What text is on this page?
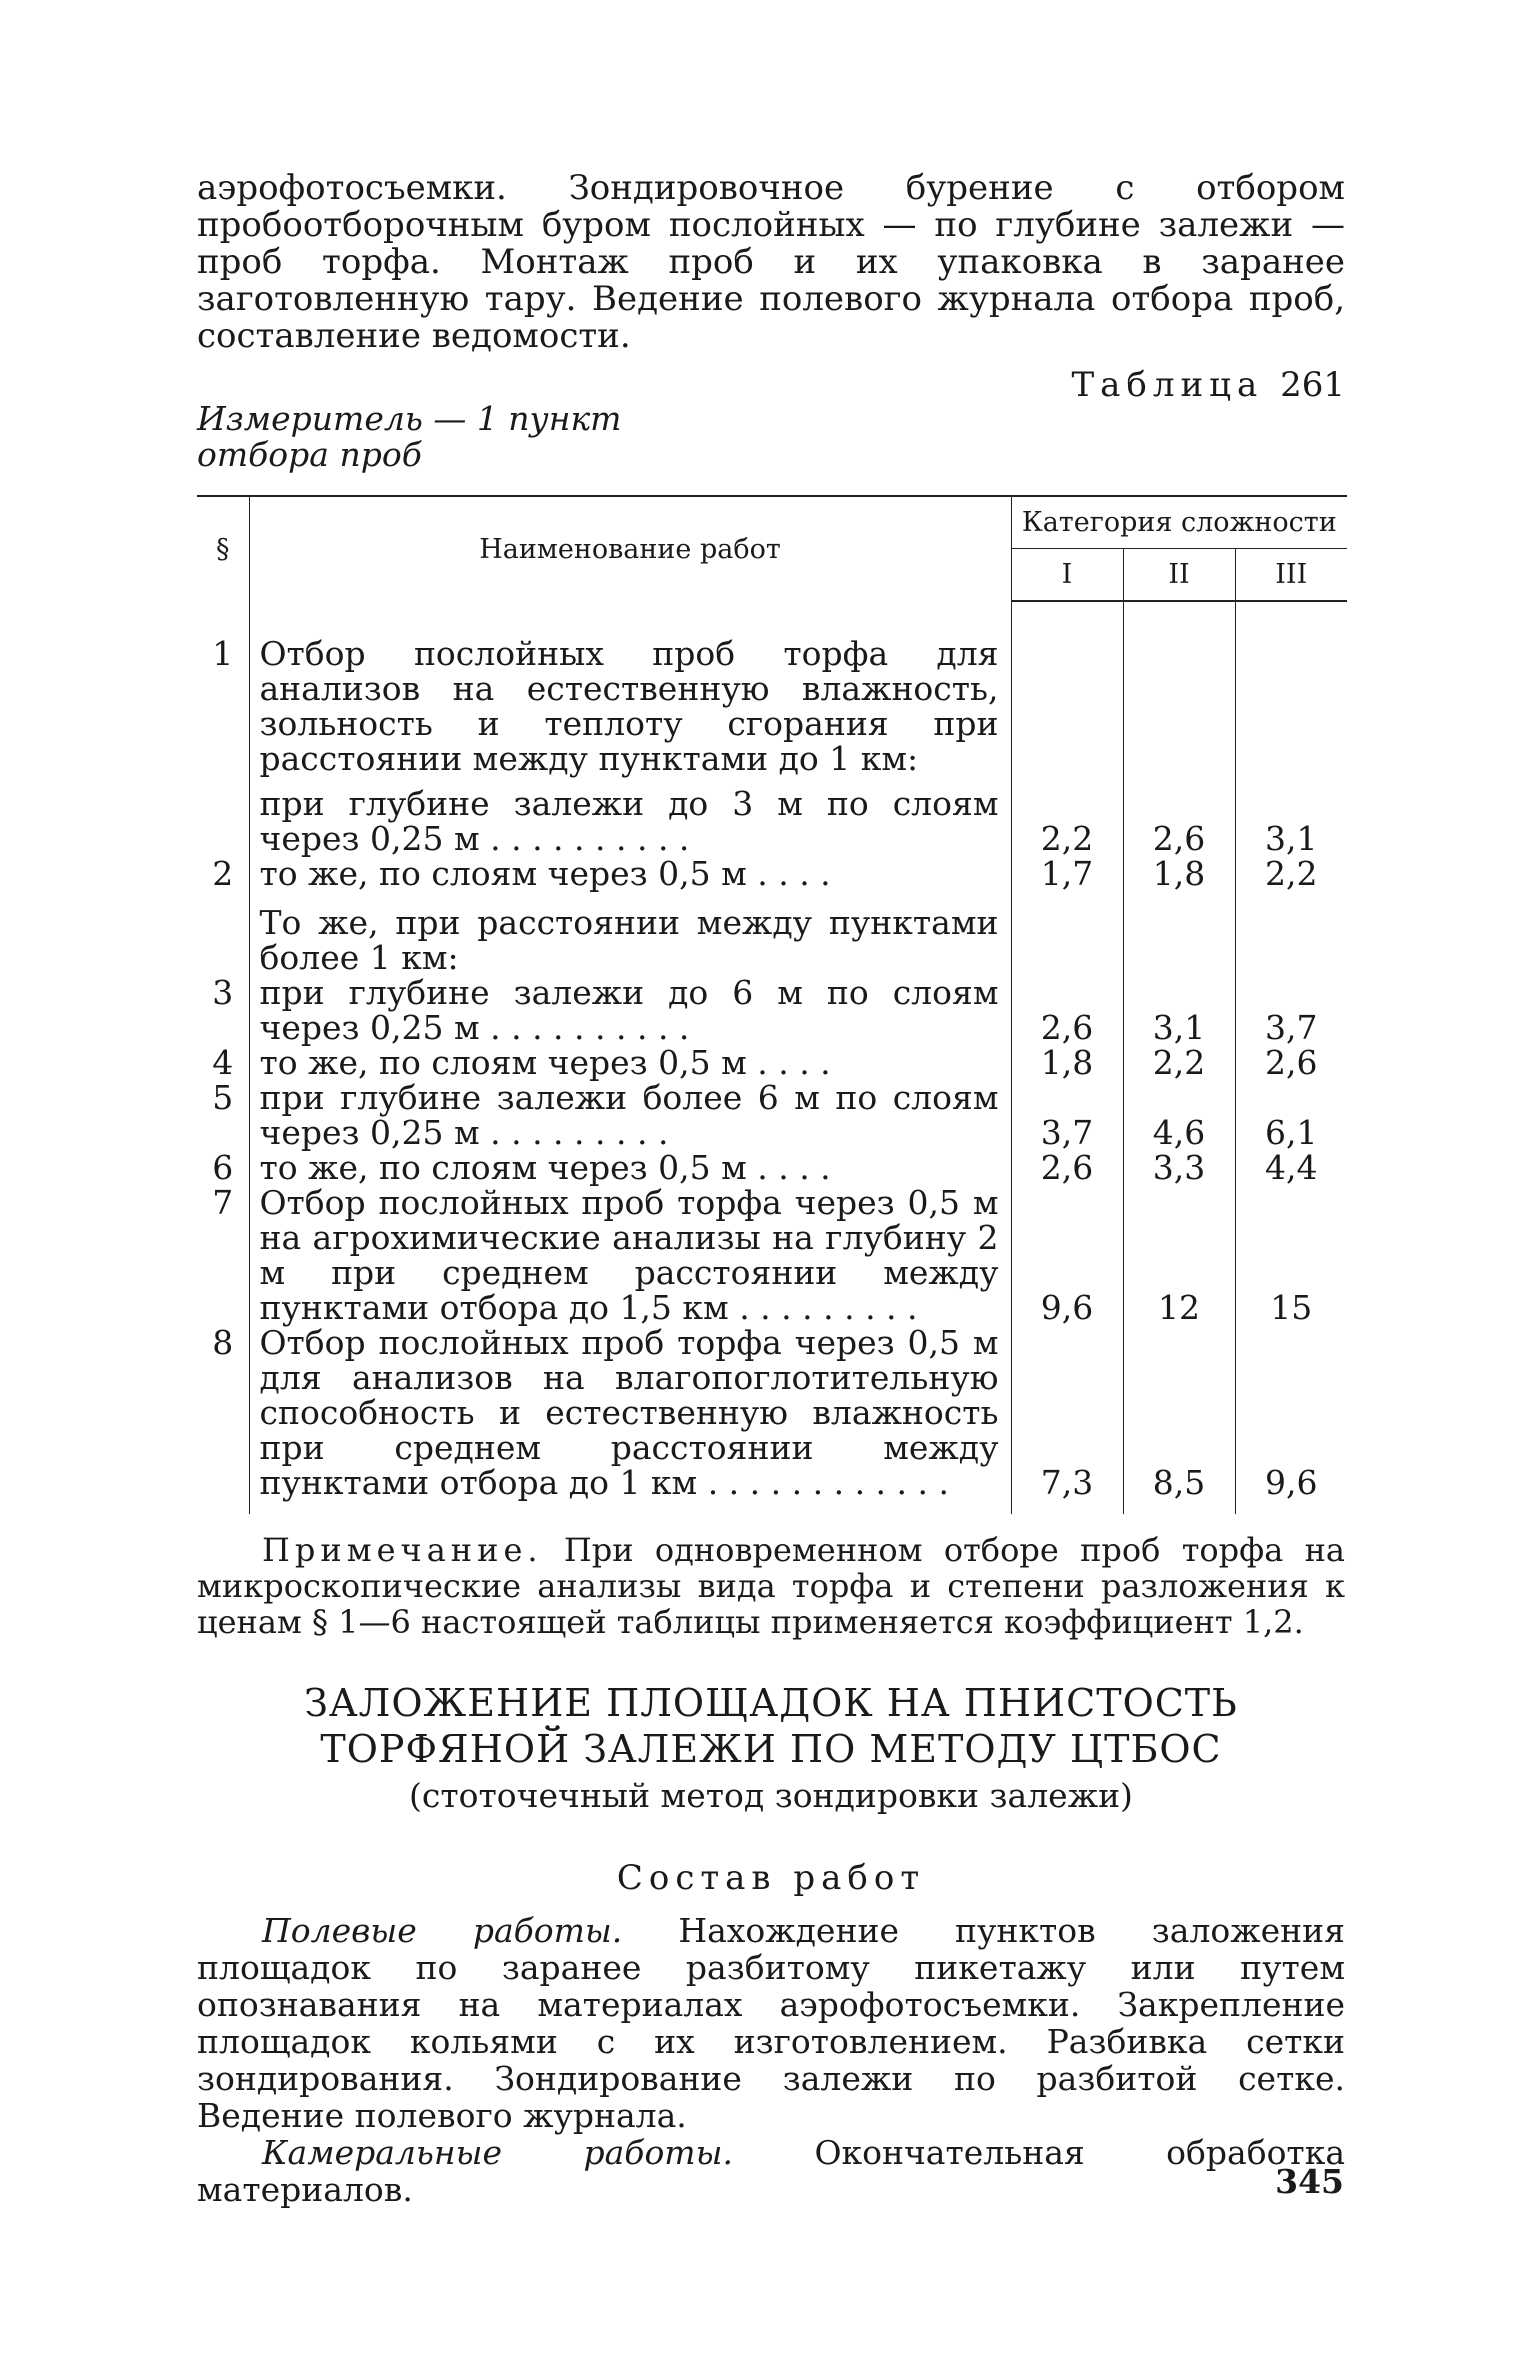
аэрофотосъемки. Зондировочное бурение с отбором пробоотборочным буром послойных — по глубине залежи — проб торфа. Монтаж проб и их упаковка в заранее заготовленную тару. Ведение полевого журнала отбора проб, составление ведомости.

Измеритель — 1 пункт отбора проб
Таблица 261
§	Наименование работ	Категория сложности		
		I	II	III

1	Отбор послойных проб торфа для анализов на естественную влажность, зольность и теплоту сгорания при расстоянии между пунктами до 1 км:			

	при глубине залежи до 3 м по слоям через 0,25 м . . . . . . . . . .	2,2	2,6	3,1
2	то же, по слоям через 0,5 м . . . .	1,7	1,8	2,2

	То же, при расстоянии между пунктами более 1 км:			

3	при глубине залежи до 6 м по слоям через 0,25 м . . . . . . . . . .	2,6	3,1	3,7
4	то же, по слоям через 0,5 м . . . .	1,8	2,2	2,6
5	при глубине залежи более 6 м по слоям через 0,25 м . . . . . . . . .	3,7	4,6	6,1
6	то же, по слоям через 0,5 м . . . .	2,6	3,3	4,4
7	Отбор послойных проб торфа через 0,5 м на агрохимические анализы на глубину 2 м при среднем расстоянии между пунктами отбора до 1,5 км . . . . . . . . .	9,6	12	15
8	Отбор послойных проб торфа через 0,5 м для анализов на влагопоглотительную способность и естественную влажность при среднем расстоянии между пунктами отбора до 1 км . . . . . . . . . . . .	7,3	8,5	9,6

Примечание. При одновременном отборе проб торфа на микроскопические анализы вида торфа и степени разложения к ценам § 1—6 настоящей таблицы применяется коэффициент 1,2.

ЗАЛОЖЕНИЕ ПЛОЩАДОК НА ПНИСТОСТЬ
ТОРФЯНОЙ ЗАЛЕЖИ ПО МЕТОДУ ЦТБОС

(стоточечный метод зондировки залежи)

Состав работ

Полевые работы. Нахождение пунктов заложения площадок по заранее разбитому пикетажу или путем опознавания на материалах аэрофотосъемки. Закрепление площадок кольями с их изготовлением. Разбивка сетки зондирования. Зондирование залежи по разбитой сетке. Ведение полевого журнала.

Камеральные работы. Окончательная обработка материалов.	345
